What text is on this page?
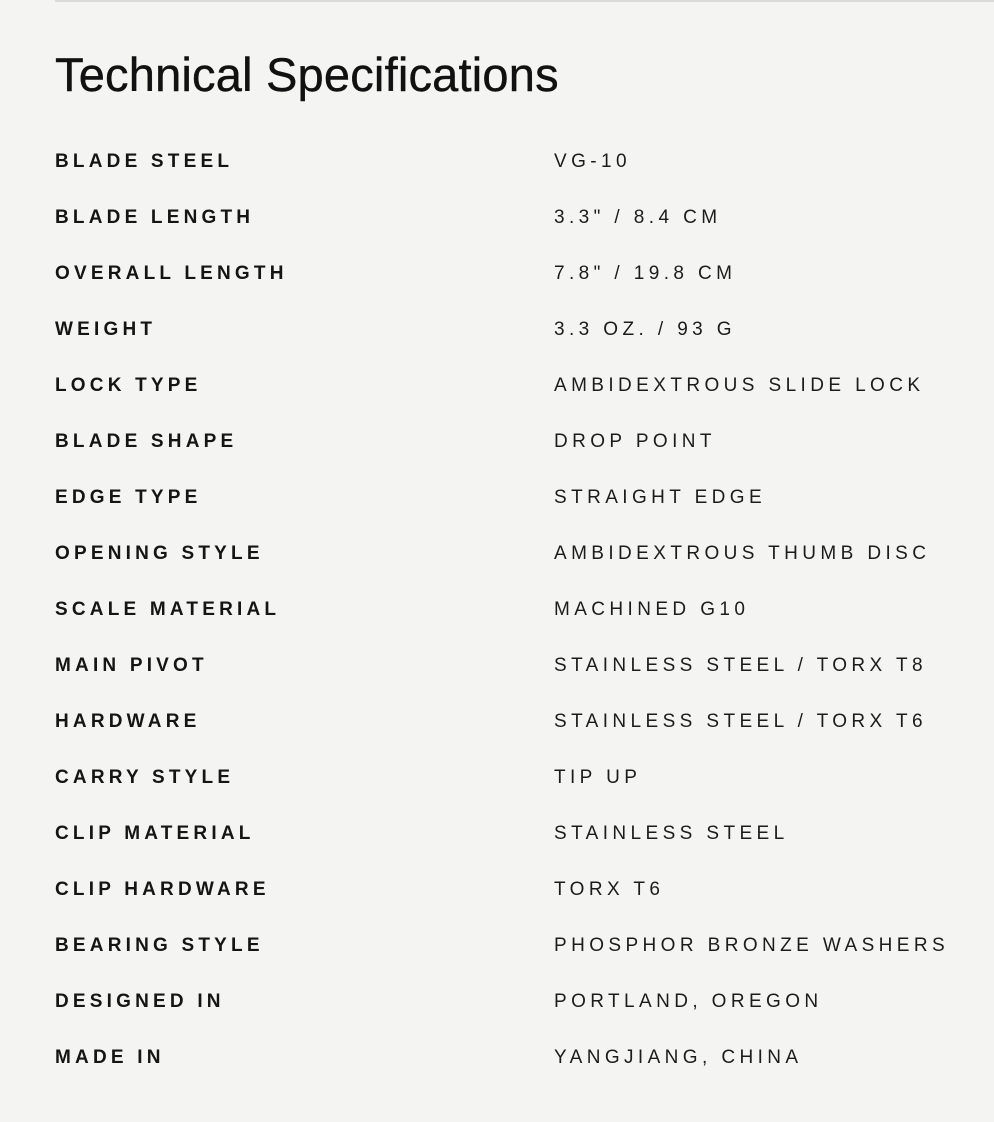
Technical Specifications
BLADE STEEL	VG-10
BLADE LENGTH	3.3" / 8.4 CM
OVERALL LENGTH	7.8" / 19.8 CM
WEIGHT	3.3 OZ. / 93 G
LOCK TYPE	AMBIDEXTROUS SLIDE LOCK
BLADE SHAPE	DROP POINT
EDGE TYPE	STRAIGHT EDGE
OPENING STYLE	AMBIDEXTROUS THUMB DISC
SCALE MATERIAL	MACHINED G10
MAIN PIVOT	STAINLESS STEEL / TORX T8
HARDWARE	STAINLESS STEEL / TORX T6
CARRY STYLE	TIP UP
CLIP MATERIAL	STAINLESS STEEL
CLIP HARDWARE	TORX T6
BEARING STYLE	PHOSPHOR BRONZE WASHERS
DESIGNED IN	PORTLAND, OREGON
MADE IN	YANGJIANG, CHINA
